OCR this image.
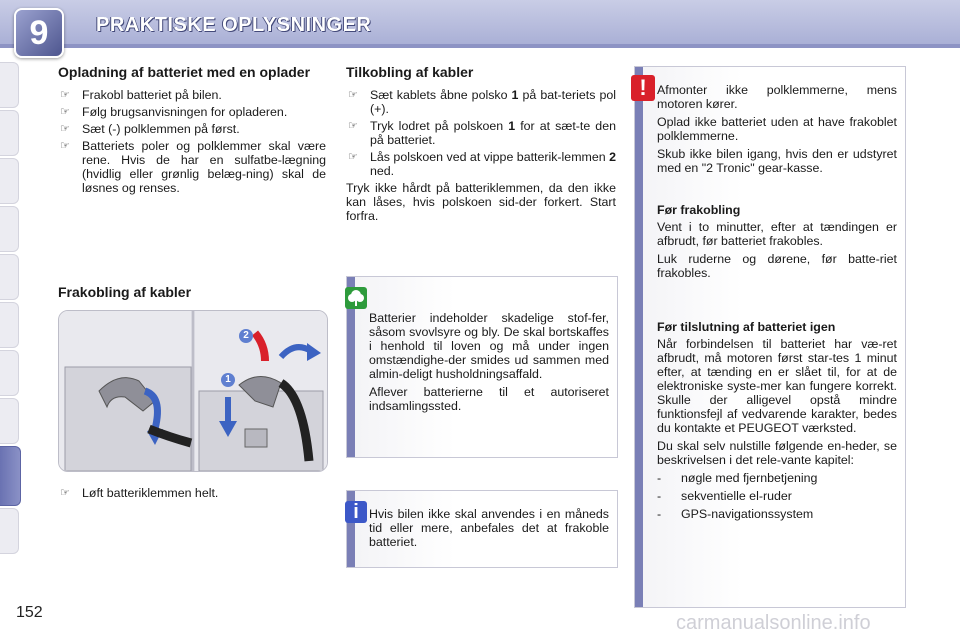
9	PRAKTISKE OPLYSNINGER
Opladning af batteriet med en oplader
☞ Frakobl batteriet på bilen.
☞ Følg brugsanvisningen for opladeren.
☞ Sæt (-) polklemmen på først.
☞ Batteriets poler og polklemmer skal være rene. Hvis de har en sulfatbe-lægning (hvidlig eller grønlig belæg-ning) skal de løsnes og renses.
Frakobling af kabler
2
1
☞ Løft batteriklemmen helt.
Tilkobling af kabler
☞ Sæt kablets åbne polsko 1 på bat-teriets pol (+).
☞ Tryk lodret på polskoen 1 for at sæt-te den på batteriet.
☞ Lås polskoen ved at vippe batterik-lemmen 2 ned.

Tryk ikke hårdt på batteriklemmen, da den ikke kan låses, hvis polskoen sid-der forkert. Start forfra.

Batterier indeholder skadelige stof-fer, såsom svovlsyre og bly. De skal bortskaffes i henhold til loven og må under ingen omstændighe-der smides ud sammen med almin-deligt husholdningsaffald.

Aflever batterierne til et autoriseret indsamlingssted.

i Hvis bilen ikke skal anvendes i en måneds tid eller mere, anbefales det at frakoble batteriet.

! Afmonter ikke polklemmerne, mens motoren kører.

Oplad ikke batteriet uden at have frakoblet polklemmerne.

Skub ikke bilen igang, hvis den er udstyret med en "2 Tronic" gear-kasse.

Før frakobling

Vent i to minutter, efter at tændingen er afbrudt, før batteriet frakobles.

Luk ruderne og dørene, før batte-riet frakobles.

Før tilslutning af batteriet igen

Når forbindelsen til batteriet har væ-ret afbrudt, må motoren først star-tes 1 minut efter, at tænding en er slået til, for at de elektroniske syste-mer kan fungere korrekt. Skulle der alligevel opstå mindre funktionsfejl af vedvarende karakter, bedes du kontakte et PEUGEOT værksted.

Du skal selv nulstille følgende en-heder, se beskrivelsen i det rele-vante kapitel:

- nøgle med fjernbetjening
- sekventielle el-ruder
- GPS-navigationssystem
152	carmanualsonline.info
